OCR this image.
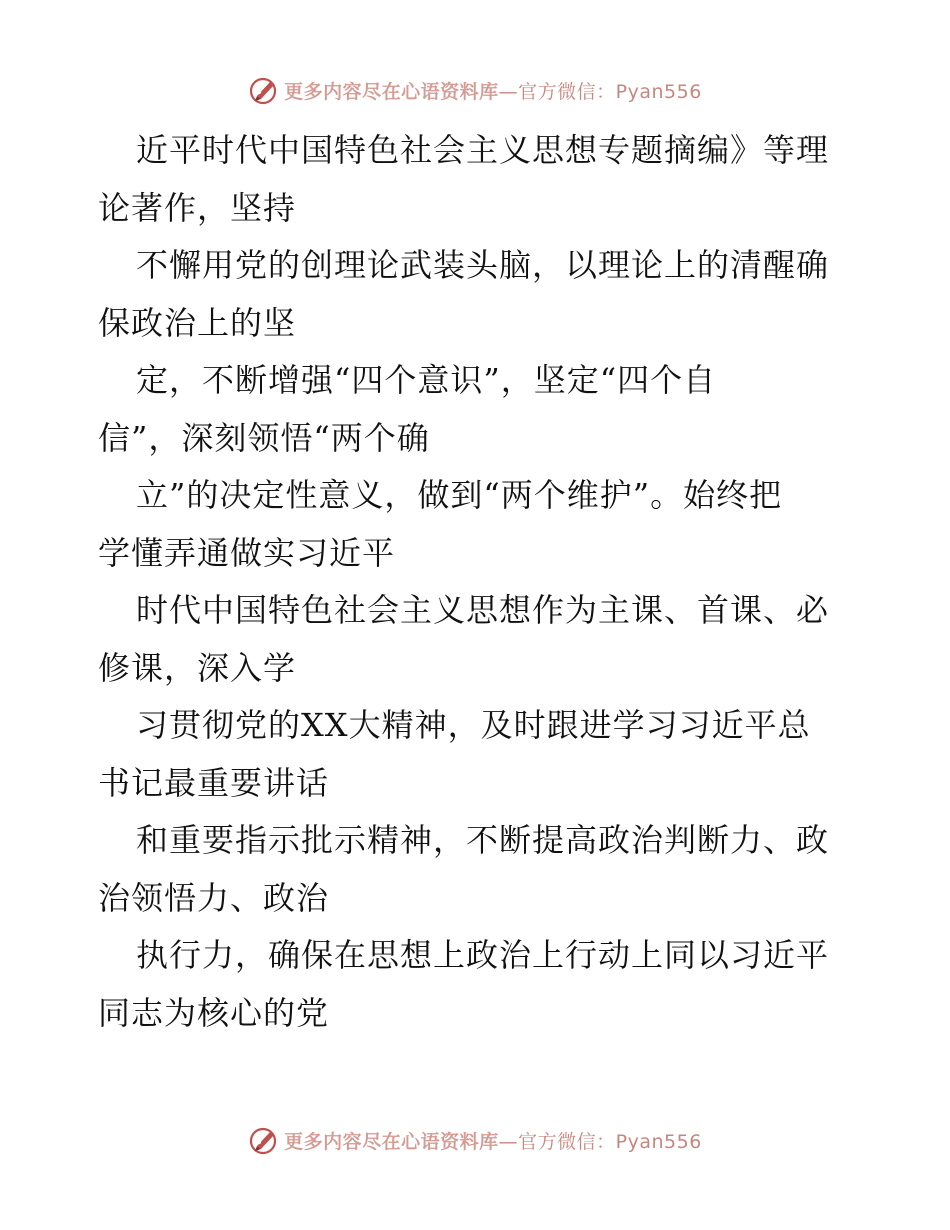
更多内容尽在心语资料库—官方微信：Pyan556
近平时代中国特色社会主义思想专题摘编》等理
论著作，坚持
不懈用党的创理论武装头脑，以理论上的清醒确
保政治上的坚
定，不断增强“四个意识”，坚定“四个自
信”，深刻领悟“两个确
立”的决定性意义，做到“两个维护”。始终把
学懂弄通做实习近平
时代中国特色社会主义思想作为主课、首课、必
修课，深入学
习贯彻党的XX大精神，及时跟进学习习近平总
书记最重要讲话
和重要指示批示精神，不断提高政治判断力、政
治领悟力、政治
执行力，确保在思想上政治上行动上同以习近平
同志为核心的党
更多内容尽在心语资料库—官方微信：Pyan556
